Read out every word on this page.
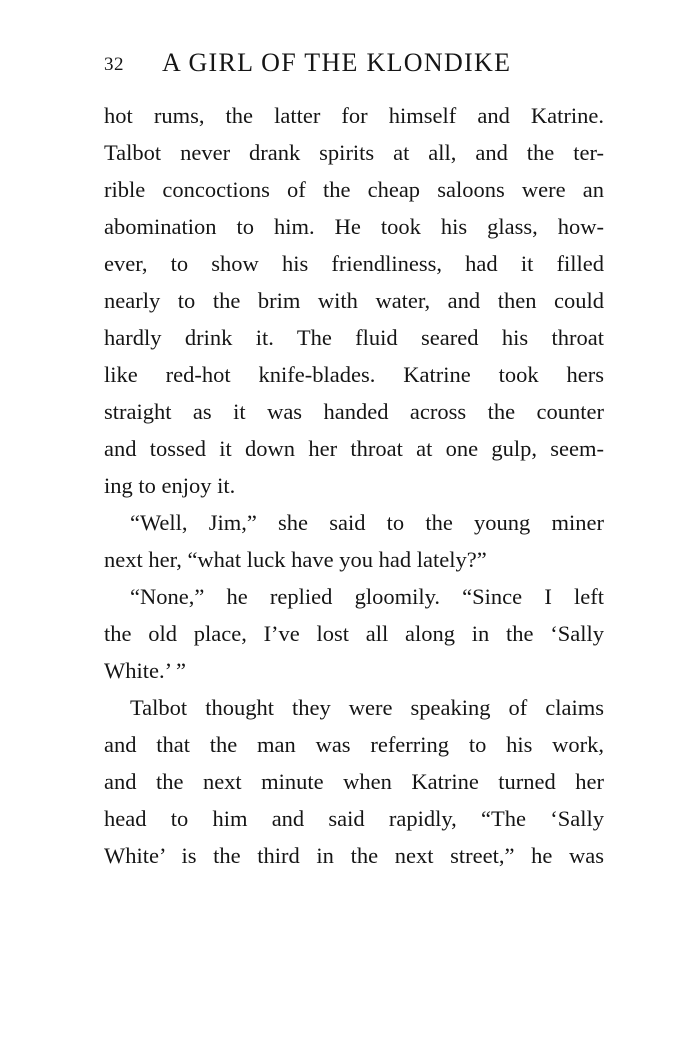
32 A GIRL OF THE KLONDIKE
hot rums, the latter for himself and Katrine.
Talbot never drank spirits at all, and the ter-
rible concoctions of the cheap saloons were an
abomination to him. He took his glass, how-
ever, to show his friendliness, had it filled
nearly to the brim with water, and then could
hardly drink it. The fluid seared his throat
like red-hot knife-blades. Katrine took hers
straight as it was handed across the counter
and tossed it down her throat at one gulp, seem-
ing to enjoy it.
“Well, Jim,” she said to the young miner
next her, “what luck have you had lately?”
“None,” he replied gloomily. “Since I left
the old place, I’ve lost all along in the ‘Sally
White.’ ”
Talbot thought they were speaking of claims
and that the man was referring to his work,
and the next minute when Katrine turned her
head to him and said rapidly, “The ‘Sally
White’ is the third in the next street,” he was
